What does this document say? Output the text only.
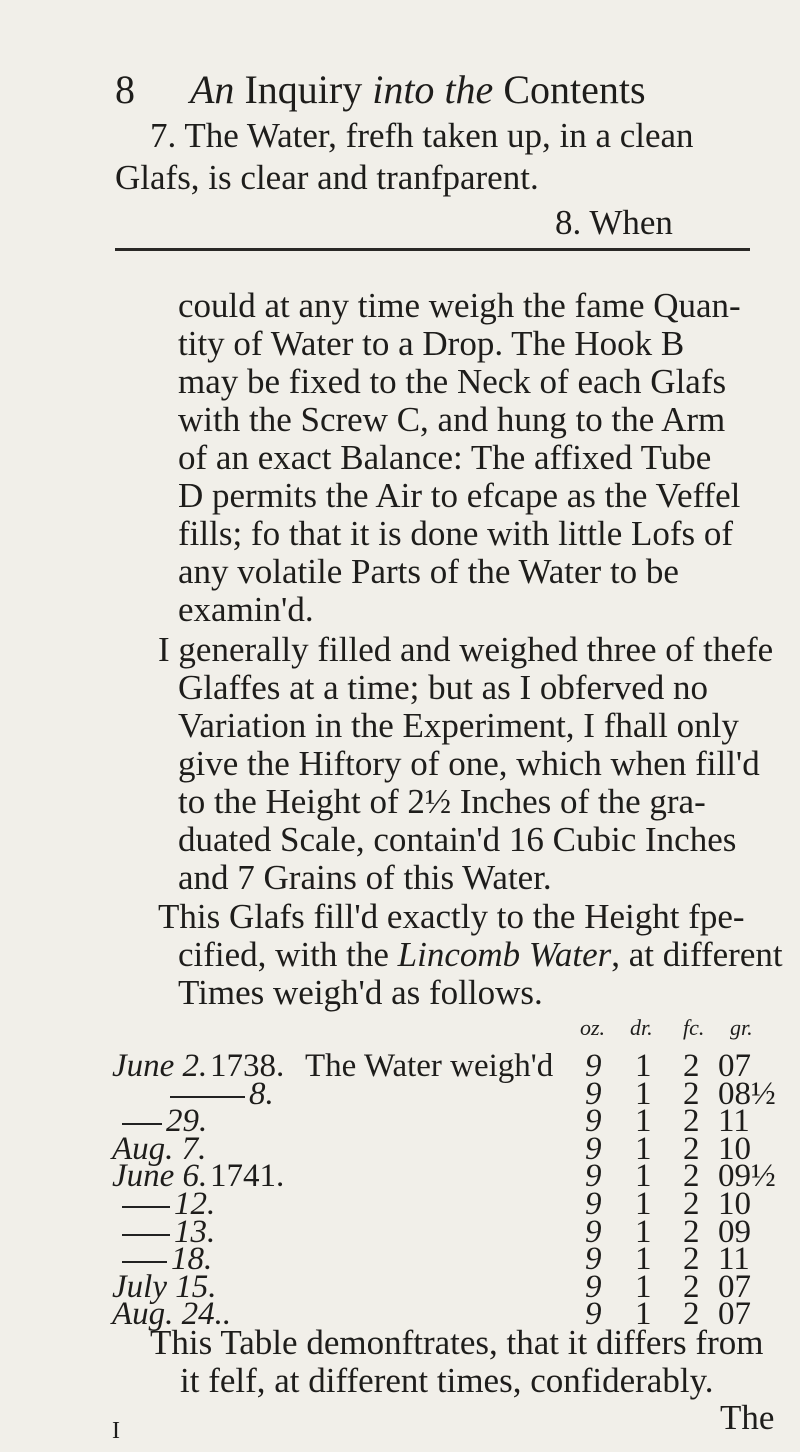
8 An Inquiry into the Contents
7. The Water, frefh taken up, in a clean
Glafs, is clear and tranfparent.
8. When
could at any time weigh the fame Quan-
tity of Water to a Drop. The Hook B
may be fixed to the Neck of each Glafs
with the Screw C, and hung to the Arm
of an exact Balance: The affixed Tube
D permits the Air to efcape as the Veffel
fills; fo that it is done with little Lofs of
any volatile Parts of the Water to be
examin'd.
I generally filled and weighed three of thefe
Glaffes at a time; but as I obferved no
Variation in the Experiment, I fhall only
give the Hiftory of one, which when fill'd
to the Height of 2½ Inches of the gra-
duated Scale, contain'd 16 Cubic Inches
and 7 Grains of this Water.
This Glafs fill'd exactly to the Height fpe-
cified, with the Lincomb Water, at different
Times weigh'd as follows.
oz. dr. fc. gr.
June 2. 1738. The Water weigh'd 9 1 2 07
8.	9 1 2 08½
29.	9 1 2 11
Aug. 7.	9 1 2 10
June 6. 1741.	9 1 2 09½
12.	9 1 2 10
13.	9 1 2 09
18.	9 1 2 11
July 15.	9 1 2 07
Aug. 24..	9 1 2 07
This Table demonftrates, that it differs from
it felf, at different times, confiderably.
The
I
